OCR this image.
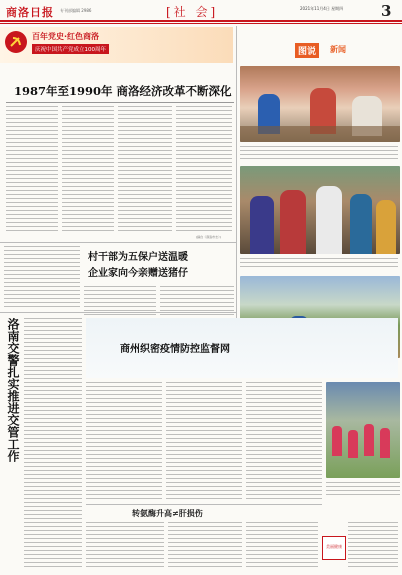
商洛日报 专刊部编辑 2986	[社 会]	2021年11月4日 星期四	3
百年党史·红色商洛
庆祝中国共产党成立100周年
1987年至1990年 商洛经济改革不断深化
(摘自《商洛市志》)
图说	新闻
村干部为五保户送温暖
企业家向今亲赠送猪仔
洛南交警扎实推进交管工作	商州织密疫情防控监督网
转氨酶升高≠肝损伤
美丽健康
